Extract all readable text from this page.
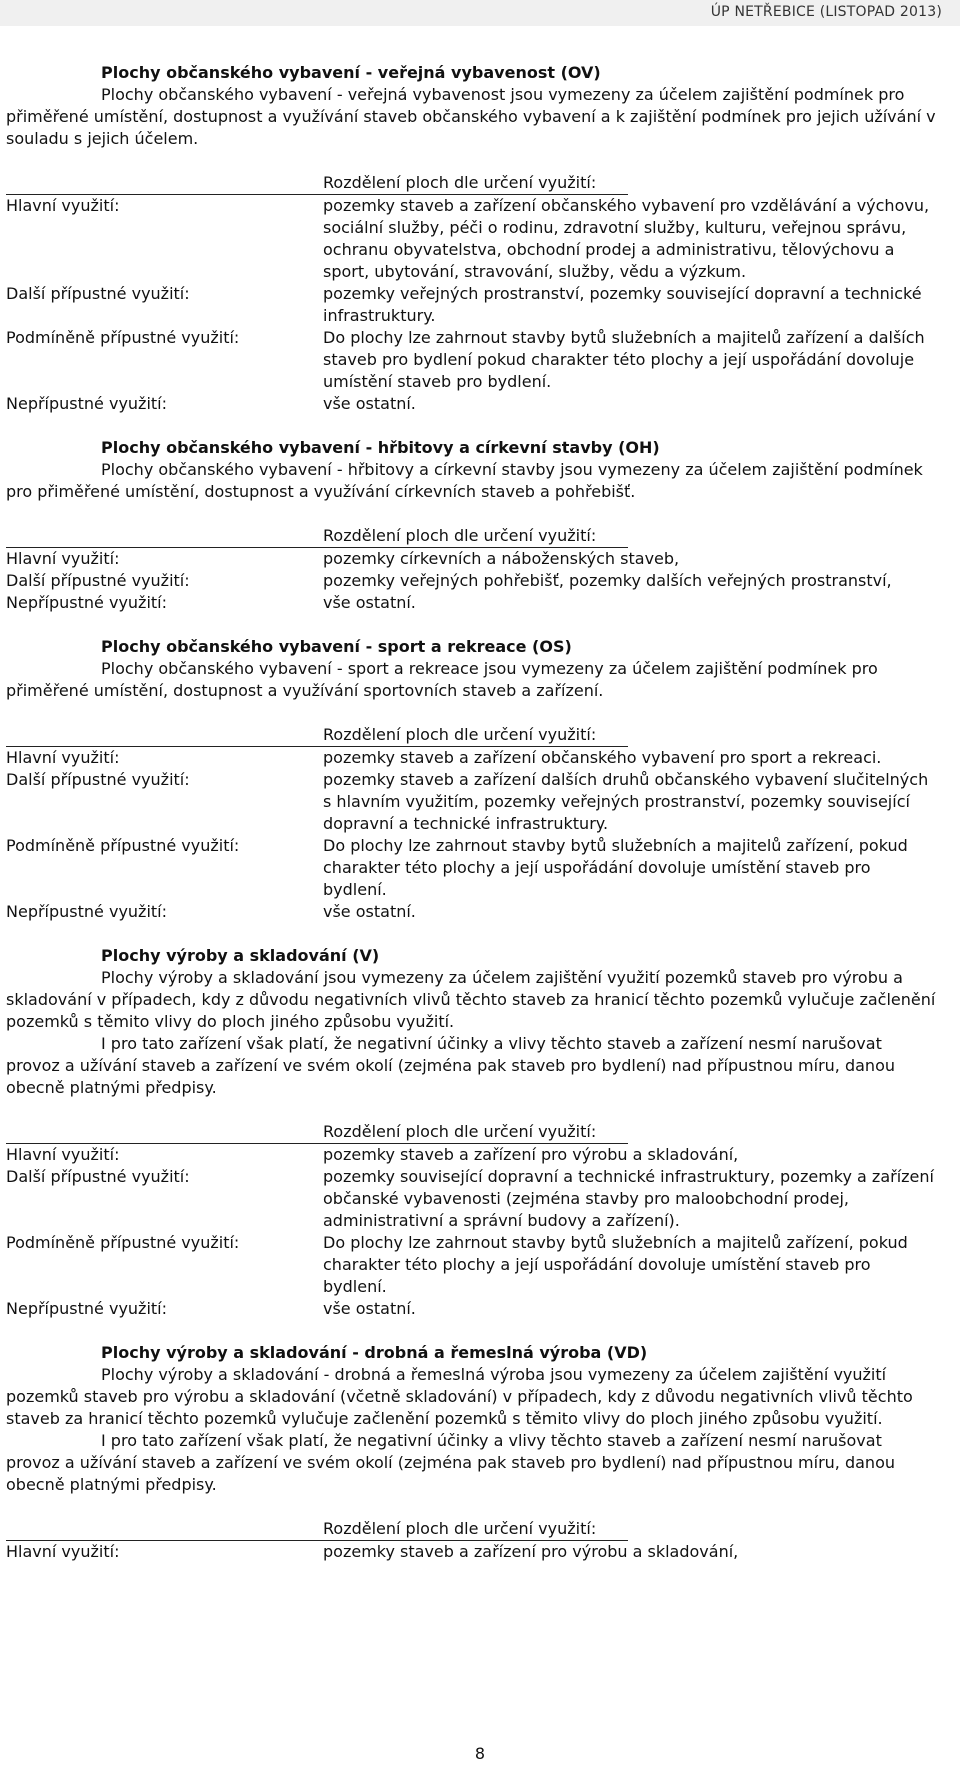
ÚP NETŘEBICE (LISTOPAD 2013)
Plochy občanského vybavení - veřejná vybavenost (OV)

Plochy občanského vybavení - veřejná vybavenost jsou vymezeny za účelem zajištění podmínek pro přiměřené umístění, dostupnost a využívání staveb občanského vybavení a k zajištění podmínek pro jejich užívání v souladu s jejich účelem.

Rozdělení ploch dle určení využití:
Hlavní využití:	pozemky staveb a zařízení občanského vybavení pro vzdělávání a výchovu, sociální služby, péči o rodinu, zdravotní služby, kulturu, veřejnou správu, ochranu obyvatelstva, obchodní prodej a administrativu, tělovýchovu a sport, ubytování, stravování, služby, vědu a výzkum.
Další přípustné využití:	pozemky veřejných prostranství, pozemky související dopravní a technické infrastruktury.
Podmíněně přípustné využití:	Do plochy lze zahrnout stavby bytů služebních a majitelů zařízení a dalších staveb pro bydlení pokud charakter této plochy a její uspořádání dovoluje umístění staveb pro bydlení.
Nepřípustné využití:	vše ostatní.
Plochy občanského vybavení - hřbitovy a církevní stavby (OH)

Plochy občanského vybavení - hřbitovy a církevní stavby jsou vymezeny za účelem zajištění podmínek pro přiměřené umístění, dostupnost a využívání církevních staveb a pohřebišť.

Rozdělení ploch dle určení využití:
Hlavní využití:	pozemky církevních a náboženských staveb,
Další přípustné využití:	pozemky veřejných pohřebišť, pozemky dalších veřejných prostranství,
Nepřípustné využití:	vše ostatní.
Plochy občanského vybavení - sport a rekreace (OS)

Plochy občanského vybavení - sport a rekreace jsou vymezeny za účelem zajištění podmínek pro přiměřené umístění, dostupnost a využívání sportovních staveb a zařízení.

Rozdělení ploch dle určení využití:
Hlavní využití:	pozemky staveb a zařízení občanského vybavení pro sport a rekreaci.
Další přípustné využití:	pozemky staveb a zařízení dalších druhů občanského vybavení slučitelných s hlavním využitím, pozemky veřejných prostranství, pozemky související dopravní a technické infrastruktury.
Podmíněně přípustné využití:	Do plochy lze zahrnout stavby bytů služebních a majitelů zařízení, pokud charakter této plochy a její uspořádání dovoluje umístění staveb pro bydlení.
Nepřípustné využití:	vše ostatní.
Plochy výroby a skladování (V)

Plochy výroby a skladování jsou vymezeny za účelem zajištění využití pozemků staveb pro výrobu a skladování v případech, kdy z důvodu negativních vlivů těchto staveb za hranicí těchto pozemků vylučuje začlenění pozemků s těmito vlivy do ploch jiného způsobu využití.

I pro tato zařízení však platí, že negativní účinky a vlivy těchto staveb a zařízení nesmí narušovat provoz a užívání staveb a zařízení ve svém okolí (zejména pak staveb pro bydlení) nad přípustnou míru, danou obecně platnými předpisy.

Rozdělení ploch dle určení využití:
Hlavní využití:	pozemky staveb a zařízení pro výrobu a skladování,
Další přípustné využití:	pozemky související dopravní a technické infrastruktury, pozemky a zařízení občanské vybavenosti (zejména stavby pro maloobchodní prodej, administrativní a správní budovy a zařízení).
Podmíněně přípustné využití:	Do plochy lze zahrnout stavby bytů služebních a majitelů zařízení, pokud charakter této plochy a její uspořádání dovoluje umístění staveb pro bydlení.
Nepřípustné využití:	vše ostatní.
Plochy výroby a skladování - drobná a řemeslná výroba (VD)

Plochy výroby a skladování - drobná a řemeslná výroba jsou vymezeny za účelem zajištění využití pozemků staveb pro výrobu a skladování (včetně skladování) v případech, kdy z důvodu negativních vlivů těchto staveb za hranicí těchto pozemků vylučuje začlenění pozemků s těmito vlivy do ploch jiného způsobu využití.

I pro tato zařízení však platí, že negativní účinky a vlivy těchto staveb a zařízení nesmí narušovat provoz a užívání staveb a zařízení ve svém okolí (zejména pak staveb pro bydlení) nad přípustnou míru, danou obecně platnými předpisy.

Rozdělení ploch dle určení využití:
Hlavní využití:	pozemky staveb a zařízení pro výrobu a skladování,
8
